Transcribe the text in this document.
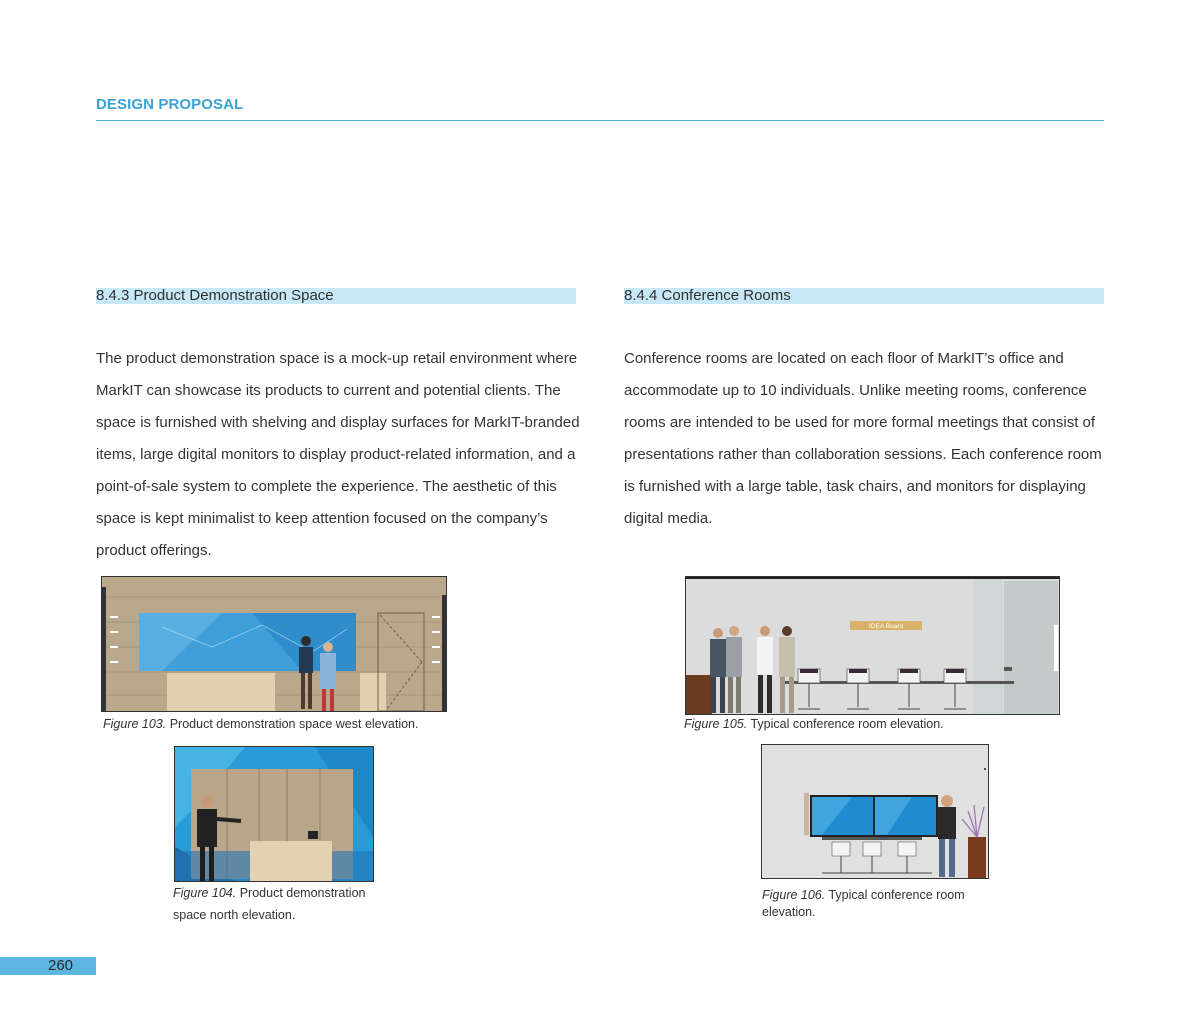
DESIGN PROPOSAL
8.4.3 Product Demonstration Space

The product demonstration space is a mock-up retail environment where MarkIT can showcase its products to current and potential clients. The space is furnished with shelving and display surfaces for MarkIT-branded items, large digital monitors to display product-related information, and a point-of-sale system to complete the experience. The aesthetic of this space is kept minimalist to keep attention focused on the company’s product offerings.

8.4.4 Conference Rooms

Conference rooms are located on each floor of MarkIT’s office and accommodate up to 10 individuals. Unlike meeting rooms, conference rooms are intended to be used for more formal meetings that consist of presentations rather than collaboration sessions. Each conference room is furnished with a large table, task chairs, and monitors for displaying digital media.

Figure 103. Product demonstration space west elevation.
Figure 104. Product demonstration
space north elevation.
IDEA Board
Figure 105. Typical conference room elevation.
Figure 106. Typical conference room
elevation.
260
